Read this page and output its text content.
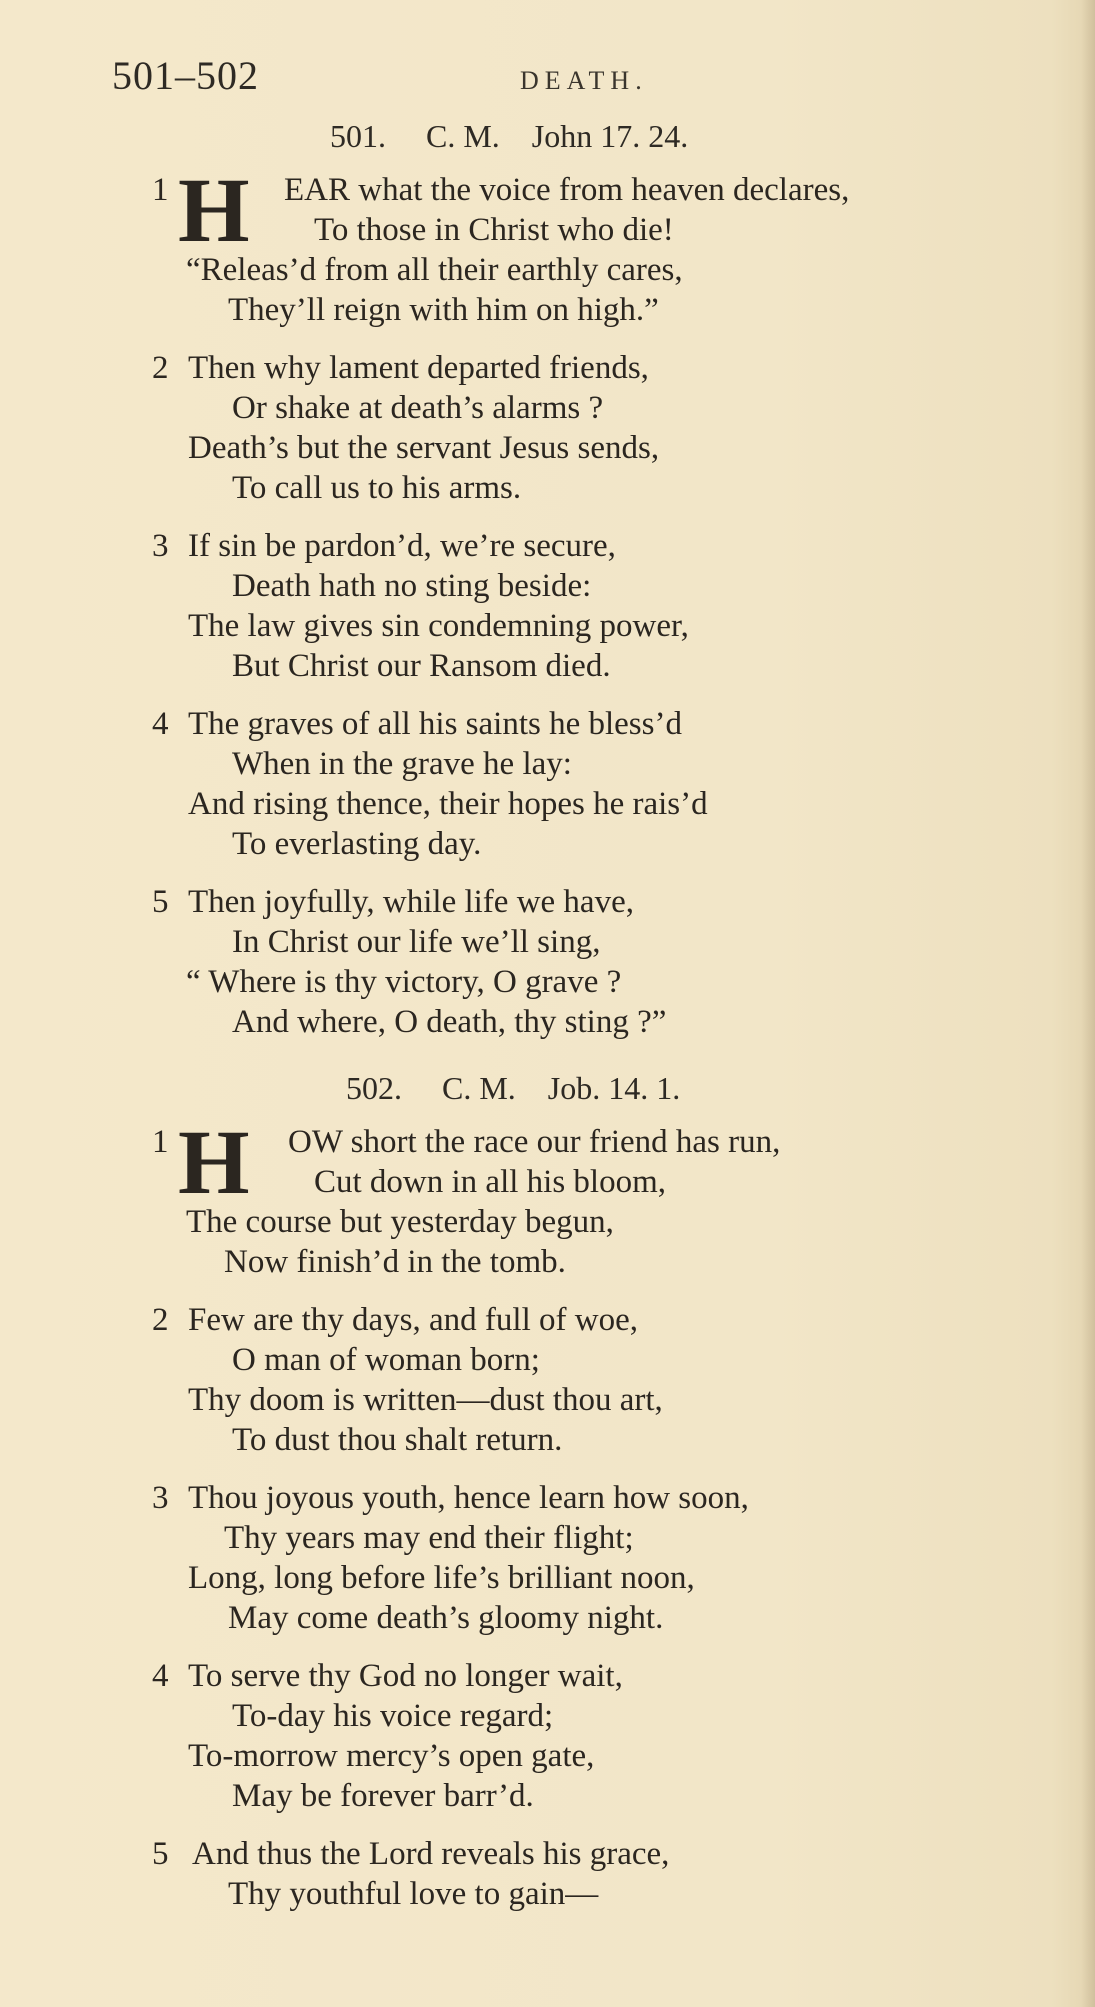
501–502	DEATH.
501.     C. M.    John 17. 24.
1 H EAR what the voice from heaven declares,
To those in Christ who die!
“Releas’d from all their earthly cares,
They’ll reign with him on high.”
2 Then why lament departed friends,
Or shake at death’s alarms ?
Death’s but the servant Jesus sends,
To call us to his arms.
3 If sin be pardon’d, we’re secure,
Death hath no sting beside:
The law gives sin condemning power,
But Christ our Ransom died.
4 The graves of all his saints he bless’d
When in the grave he lay:
And rising thence, their hopes he rais’d
To everlasting day.
5 Then joyfully, while life we have,
In Christ our life we’ll sing,
“ Where is thy victory, O grave ?
And where, O death, thy sting ?”
502.     C. M.    Job. 14. 1.
1 H OW short the race our friend has run,
Cut down in all his bloom,
The course but yesterday begun,
Now finish’d in the tomb.
2 Few are thy days, and full of woe,
O man of woman born;
Thy doom is written—dust thou art,
To dust thou shalt return.
3 Thou joyous youth, hence learn how soon,
Thy years may end their flight;
Long, long before life’s brilliant noon,
May come death’s gloomy night.
4 To serve thy God no longer wait,
To-day his voice regard;
To-morrow mercy’s open gate,
May be forever barr’d.
5 And thus the Lord reveals his grace,
Thy youthful love to gain—
